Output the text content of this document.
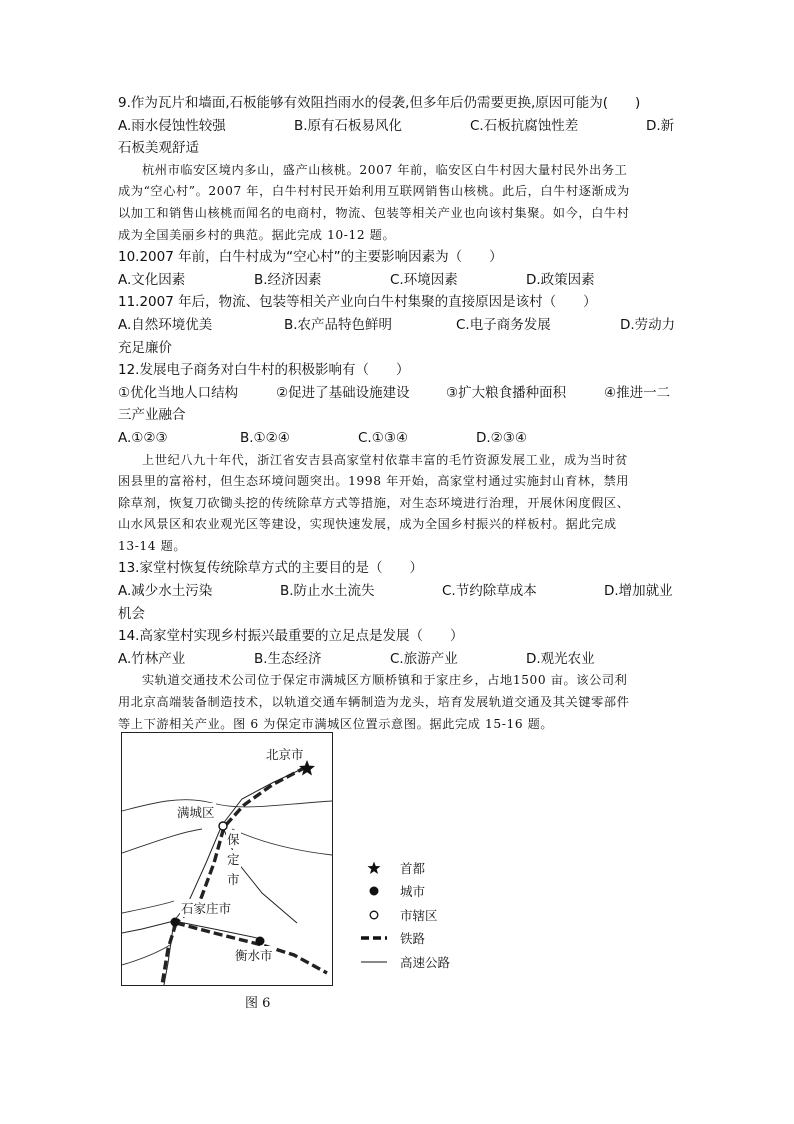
9.作为瓦片和墙面,石板能够有效阻挡雨水的侵袭,但多年后仍需要更换,原因可能为(　　)
A.雨水侵蚀性较强	B.原有石板易风化	C.石板抗腐蚀性差	D.新
石板美观舒适
杭州市临安区境内多山，盛产山核桃。2007 年前，临安区白牛村因大量村民外出务工
成为“空心村”。2007 年，白牛村村民开始利用互联网销售山核桃。此后，白牛村逐渐成为
以加工和销售山核桃而闻名的电商村，物流、包装等相关产业也向该村集聚。如今，白牛村
成为全国美丽乡村的典范。据此完成 10-12 题。
10.2007 年前，白牛村成为“空心村”的主要影响因素为（　　）
A.文化因素	B.经济因素	C.环境因素	D.政策因素
11.2007 年后，物流、包装等相关产业向白牛村集聚的直接原因是该村（　　）
A.自然环境优美	B.农产品特色鲜明	C.电子商务发展	D.劳动力
充足廉价
12.发展电子商务对白牛村的积极影响有（　　）
①优化当地人口结构	②促进了基础设施建设	③扩大粮食播种面积	④推进一二
三产业融合
A.①②③	B.①②④	C.①③④	D.②③④
上世纪八九十年代，浙江省安吉县高家堂村依靠丰富的毛竹资源发展工业，成为当时贫
困县里的富裕村，但生态环境问题突出。1998 年开始，高家堂村通过实施封山育林，禁用
除草剂，恢复刀砍锄头挖的传统除草方式等措施，对生态环境进行治理，开展休闲度假区、
山水风景区和农业观光区等建设，实现快速发展，成为全国乡村振兴的样板村。据此完成
13-14 题。
13.家堂村恢复传统除草方式的主要目的是（　　）
A.减少水土污染	B.防止水土流失	C.节约除草成本	D.增加就业
机会
14.高家堂村实现乡村振兴最重要的立足点是发展（　　）
A.竹林产业	B.生态经济	C.旅游产业	D.观光农业
实轨道交通技术公司位于保定市满城区方顺桥镇和于家庄乡，占地1500 亩。该公司利
用北京高端装备制造技术，以轨道交通车辆制造为龙头，培育发展轨道交通及其关键零部件
等上下游相关产业。图 6 为保定市满城区位置示意图。据此完成 15-16 题。
北京市
满城区
保
定
市
石家庄市
衡水市
首都
城市
市辖区
铁路
高速公路
图 6
